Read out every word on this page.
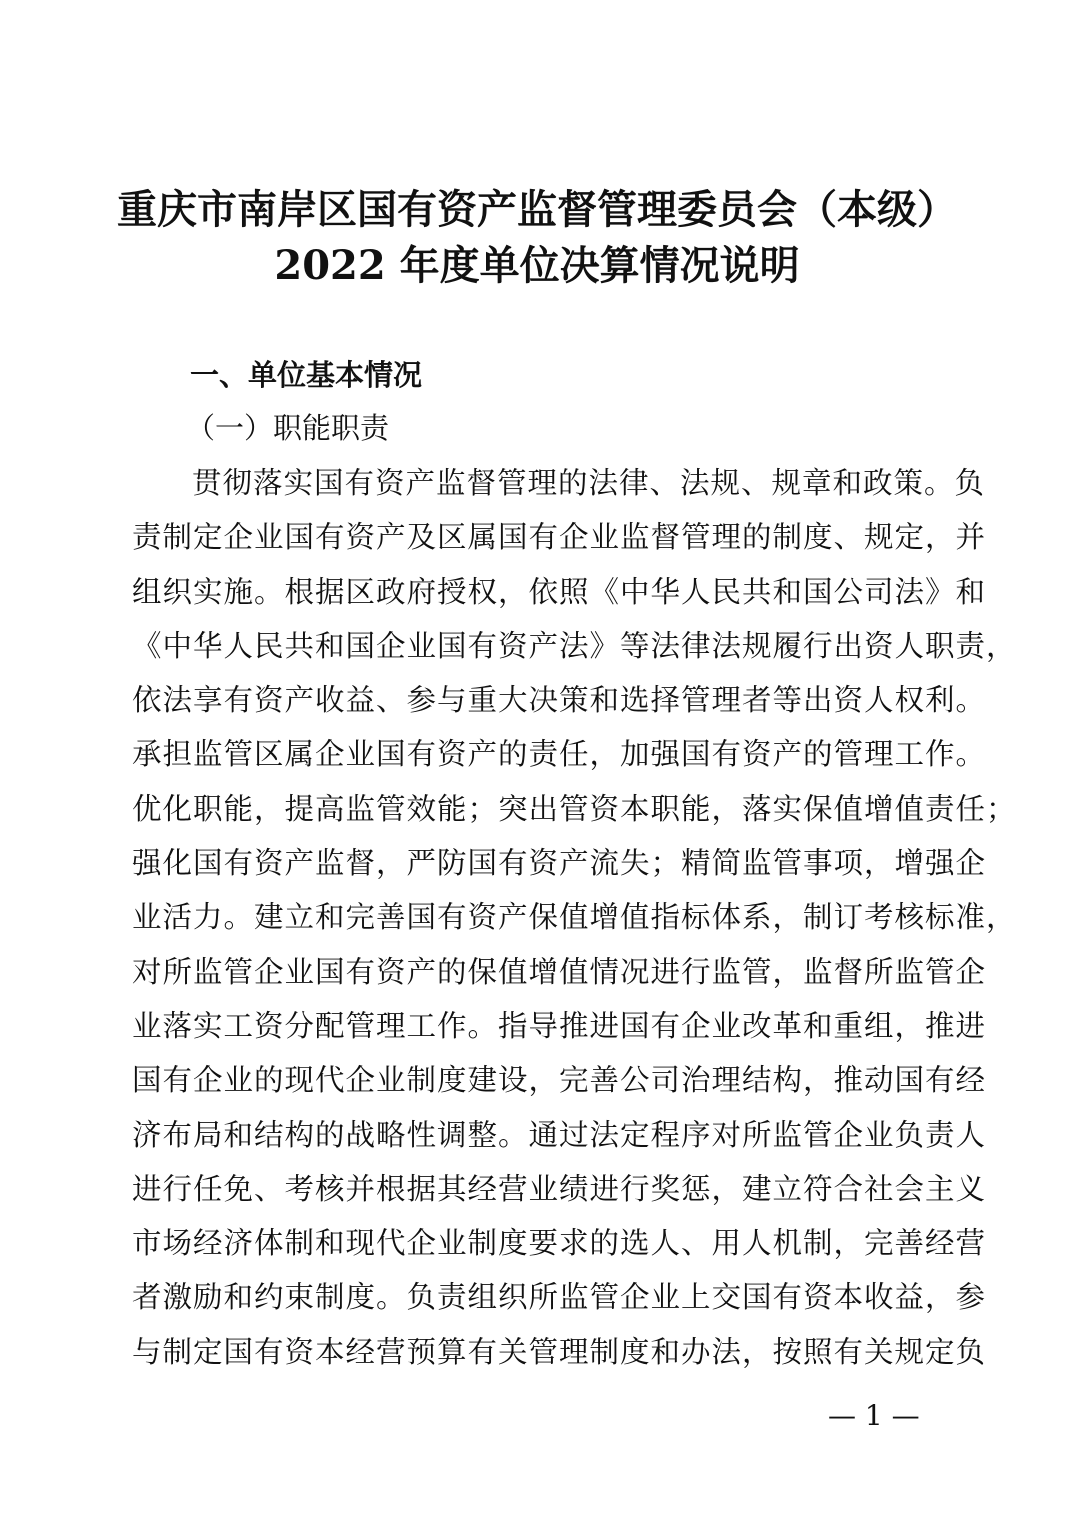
重庆市南岸区国有资产监督管理委员会（本级）
2022 年度单位决算情况说明
一、单位基本情况
（一）职能职责
贯彻落实国有资产监督管理的法律、法规、规章和政策。负
责制定企业国有资产及区属国有企业监督管理的制度、规定，并
组织实施。根据区政府授权，依照《中华人民共和国公司法》和
《中华人民共和国企业国有资产法》等法律法规履行出资人职责，
依法享有资产收益、参与重大决策和选择管理者等出资人权利。
承担监管区属企业国有资产的责任，加强国有资产的管理工作。
优化职能，提高监管效能；突出管资本职能，落实保值增值责任；
强化国有资产监督，严防国有资产流失；精简监管事项，增强企
业活力。建立和完善国有资产保值增值指标体系，制订考核标准，
对所监管企业国有资产的保值增值情况进行监管，监督所监管企
业落实工资分配管理工作。指导推进国有企业改革和重组，推进
国有企业的现代企业制度建设，完善公司治理结构，推动国有经
济布局和结构的战略性调整。通过法定程序对所监管企业负责人
进行任免、考核并根据其经营业绩进行奖惩，建立符合社会主义
市场经济体制和现代企业制度要求的选人、用人机制，完善经营
者激励和约束制度。负责组织所监管企业上交国有资本收益，参
与制定国有资本经营预算有关管理制度和办法，按照有关规定负
— 1 —
